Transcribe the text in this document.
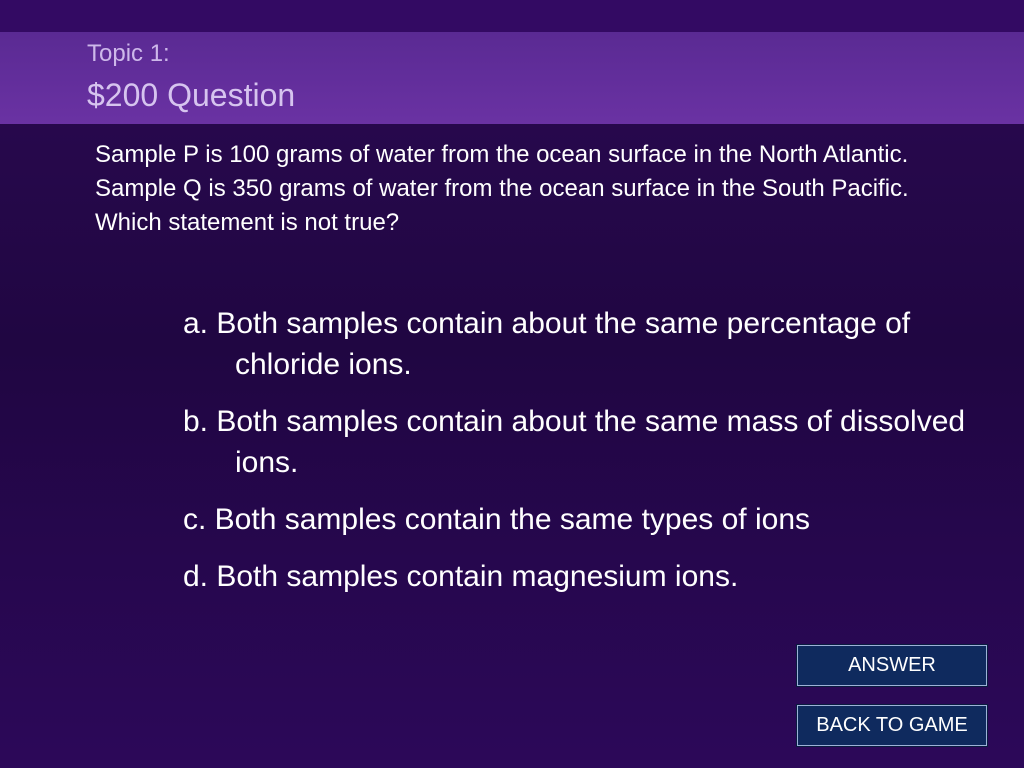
Topic 1:
$200 Question
Sample P is 100 grams of water from the ocean surface in the North Atlantic. Sample Q is 350 grams of water from the ocean surface in the South Pacific. Which statement is not true?
a. Both samples contain about the same percentage of chloride ions.
b. Both samples contain about the same mass of dissolved ions.
c. Both samples contain the same types of ions
d. Both samples contain magnesium ions.
ANSWER
BACK TO GAME
